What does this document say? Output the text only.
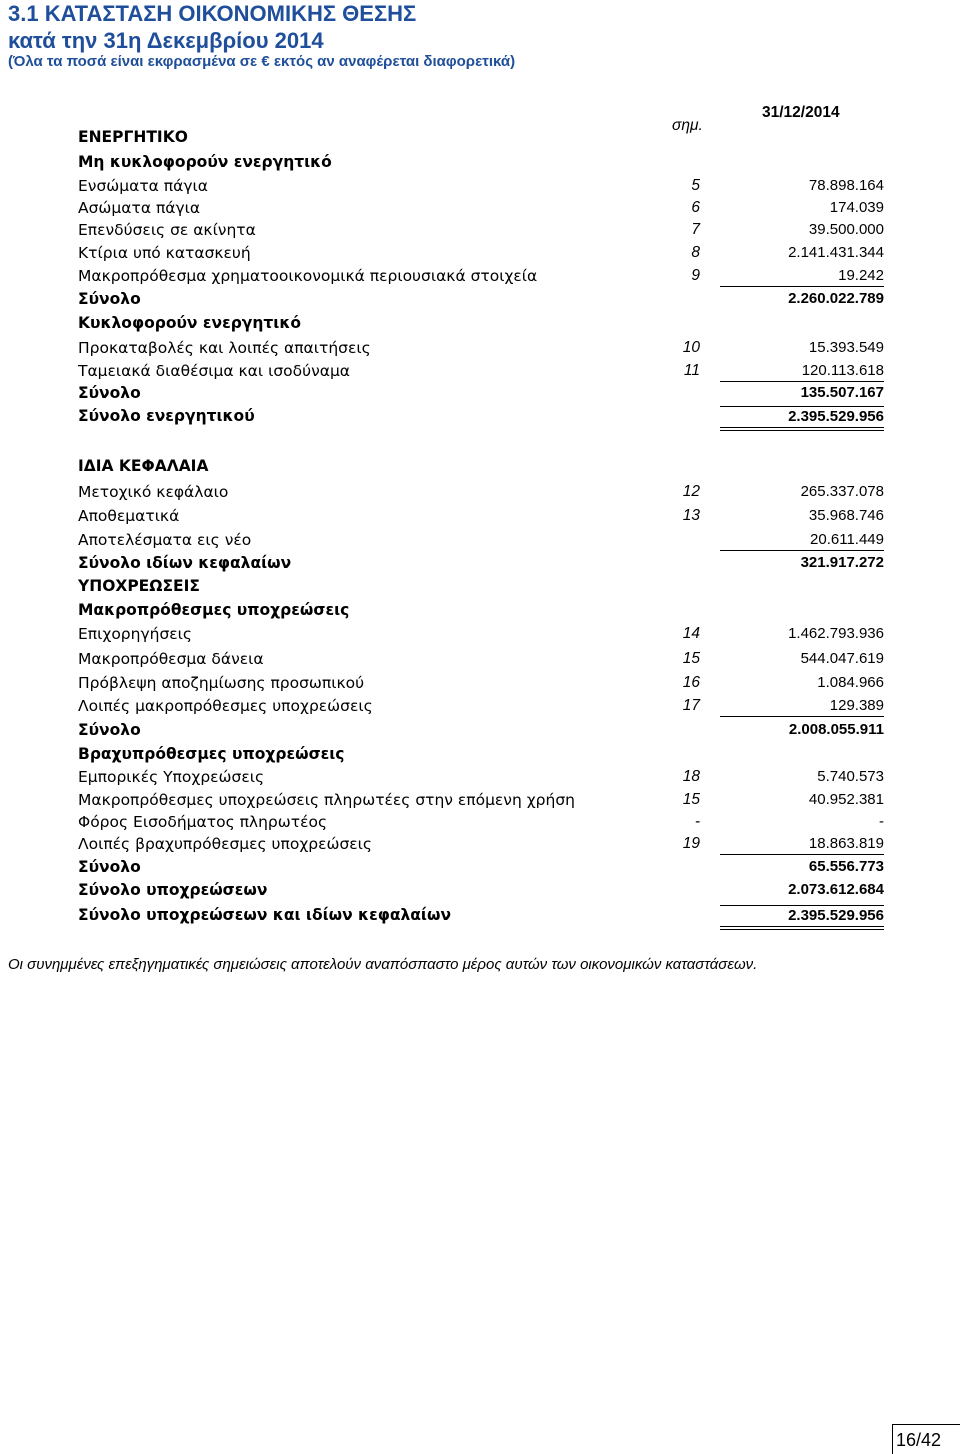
3.1 ΚΑΤΑΣΤΑΣΗ ΟΙΚΟΝΟΜΙΚΗΣ ΘΕΣΗΣ
κατά την 31η Δεκεμβρίου 2014
(Όλα τα ποσά είναι εκφρασμένα σε € εκτός αν αναφέρεται διαφορετικά)
31/12/2014
σημ.
ΕΝΕΡΓΗΤΙΚΟ
Μη κυκλοφορούν ενεργητικό
Ενσώματα πάγια	5	78.898.164
Ασώματα πάγια	6	174.039
Επενδύσεις σε ακίνητα	7	39.500.000
Κτίρια υπό κατασκευή	8	2.141.431.344
Μακροπρόθεσμα χρηματοοικονομικά περιουσιακά στοιχεία	9	19.242
Σύνολο	2.260.022.789
Κυκλοφορούν ενεργητικό
Προκαταβολές και λοιπές απαιτήσεις	10	15.393.549
Ταμειακά διαθέσιμα και ισοδύναμα	11	120.113.618
Σύνολο	135.507.167
Σύνολο ενεργητικού	2.395.529.956
ΙΔΙΑ ΚΕΦΑΛΑΙΑ
Μετοχικό κεφάλαιο	12	265.337.078
Αποθεματικά	13	35.968.746
Αποτελέσματα εις νέο	20.611.449
Σύνολο ιδίων κεφαλαίων	321.917.272
ΥΠΟΧΡΕΩΣΕΙΣ
Μακροπρόθεσμες υποχρεώσεις
Επιχορηγήσεις	14	1.462.793.936
Μακροπρόθεσμα δάνεια	15	544.047.619
Πρόβλεψη αποζημίωσης προσωπικού	16	1.084.966
Λοιπές μακροπρόθεσμες υποχρεώσεις	17	129.389
Σύνολο	2.008.055.911
Βραχυπρόθεσμες υποχρεώσεις
Εμπορικές Υποχρεώσεις	18	5.740.573
Μακροπρόθεσμες υποχρεώσεις πληρωτέες στην επόμενη χρήση	15	40.952.381
Φόρος Εισοδήματος πληρωτέος	-	-
Λοιπές βραχυπρόθεσμες υποχρεώσεις	19	18.863.819
Σύνολο	65.556.773
Σύνολο υποχρεώσεων	2.073.612.684
Σύνολο υποχρεώσεων και ιδίων κεφαλαίων	2.395.529.956
Οι συνημμένες επεξηγηματικές σημειώσεις αποτελούν αναπόσπαστο μέρος αυτών των οικονομικών καταστάσεων.
16/42
